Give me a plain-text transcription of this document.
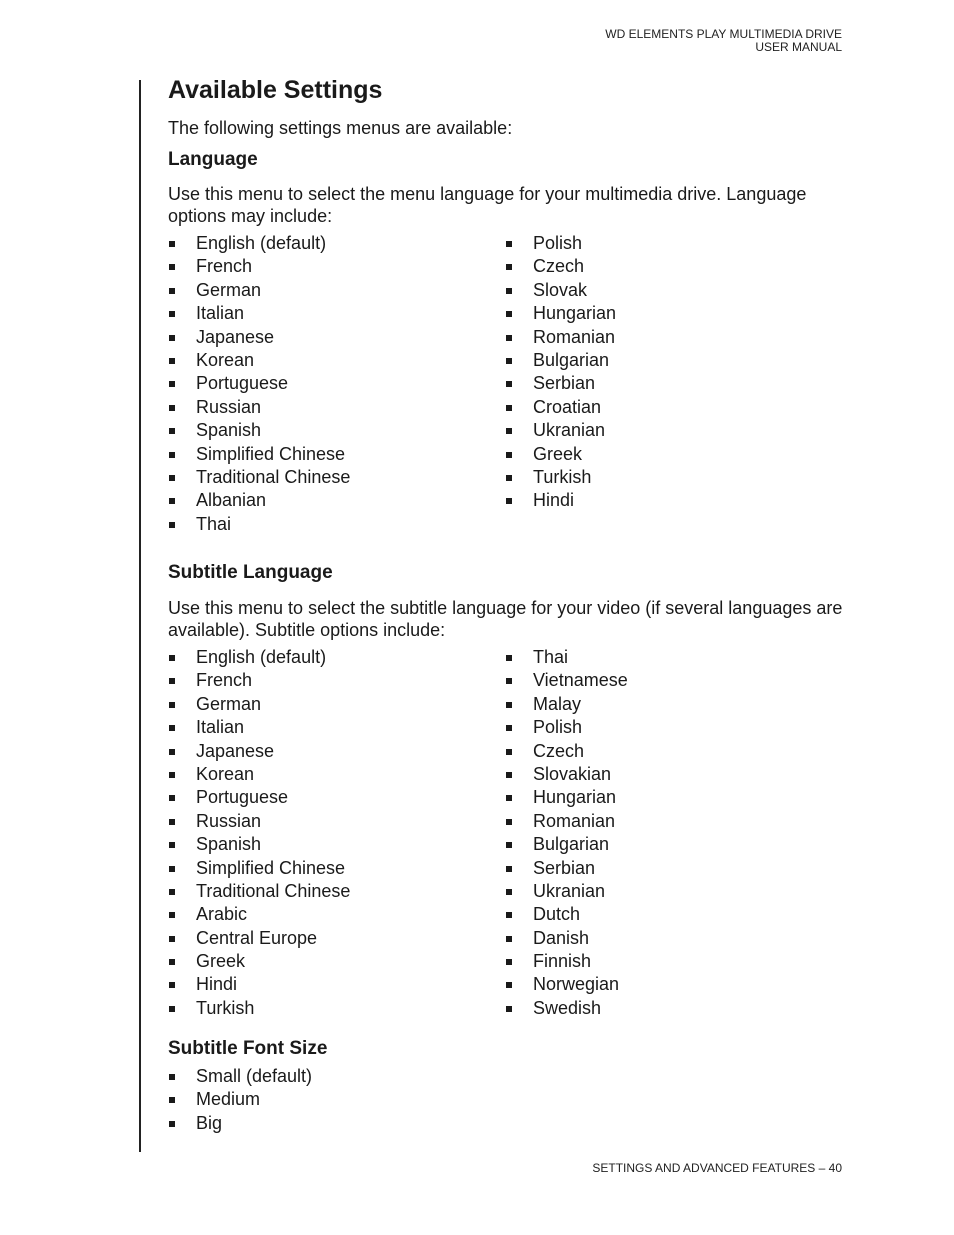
WD ELEMENTS PLAY MULTIMEDIA DRIVE
USER MANUAL
Available Settings
The following settings menus are available:
Language
Use this menu to select the menu language for your multimedia drive. Language
options may include:
English (default)
French
German
Italian
Japanese
Korean
Portuguese
Russian
Spanish
Simplified Chinese
Traditional Chinese
Albanian
Thai
Polish
Czech
Slovak
Hungarian
Romanian
Bulgarian
Serbian
Croatian
Ukranian
Greek
Turkish
Hindi
Subtitle Language
Use this menu to select the subtitle language for your video (if several languages are
available). Subtitle options include:
English (default)
French
German
Italian
Japanese
Korean
Portuguese
Russian
Spanish
Simplified Chinese
Traditional Chinese
Arabic
Central Europe
Greek
Hindi
Turkish
Thai
Vietnamese
Malay
Polish
Czech
Slovakian
Hungarian
Romanian
Bulgarian
Serbian
Ukranian
Dutch
Danish
Finnish
Norwegian
Swedish
Subtitle Font Size
Small (default)
Medium
Big
SETTINGS AND ADVANCED FEATURES – 40
